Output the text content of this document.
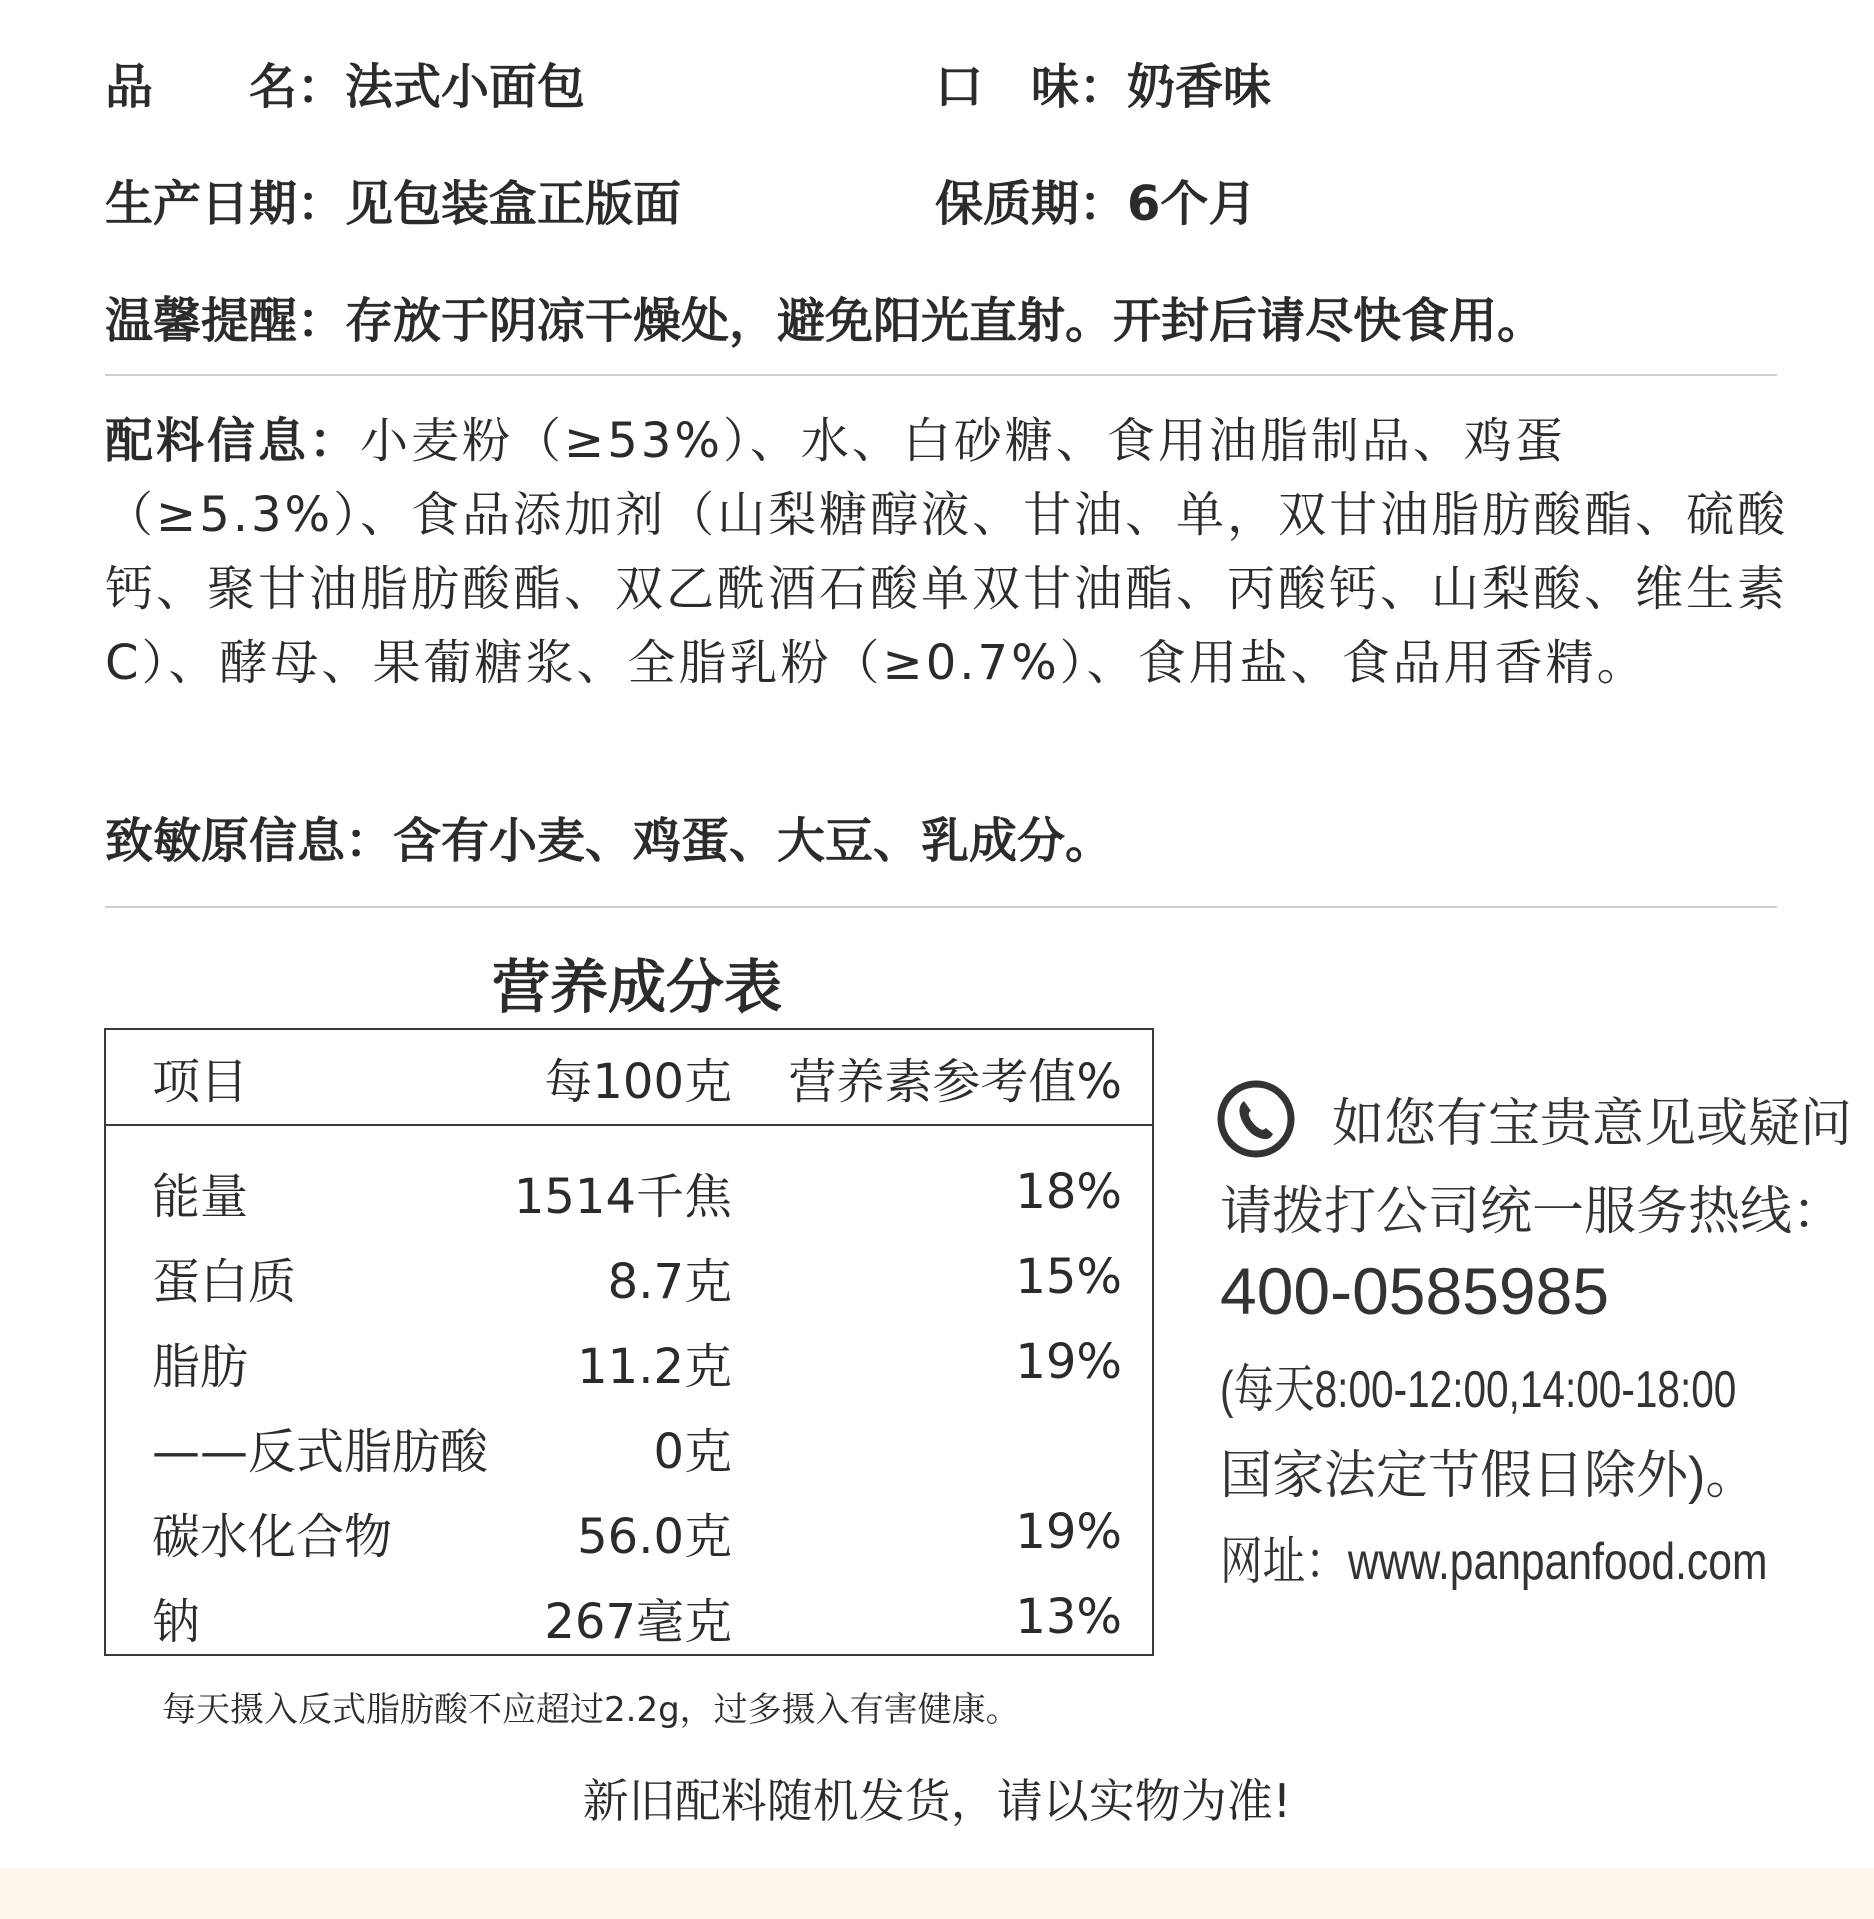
品　　名：法式小面包	口　味：奶香味
生产日期：见包装盒正版面	保质期：6个月
温馨提醒：存放于阴凉干燥处，避免阳光直射。开封后请尽快食用。
配料信息：小麦粉（≥53%）、水、白砂糖、食用油脂制品、鸡蛋（≥5.3%）、食品添加剂（山梨糖醇液、甘油、单，双甘油脂肪酸酯、硫酸钙、聚甘油脂肪酸酯、双乙酰酒石酸单双甘油酯、丙酸钙、山梨酸、维生素C）、酵母、果葡糖浆、全脂乳粉（≥0.7%）、食用盐、食品用香精。
致敏原信息：含有小麦、鸡蛋、大豆、乳成分。
营养成分表
项目	每100克 营养素参考值%
能量	1514千焦	18%
蛋白质	8.7克	15%
脂肪	11.2克	19%
——反式脂肪酸	0克
碳水化合物	56.0克	19%
钠	267毫克	13%
每天摄入反式脂肪酸不应超过2.2g，过多摄入有害健康。
如您有宝贵意见或疑问
请拨打公司统一服务热线：
400-0585985
(每天8:00-12:00,14:00-18:00
国家法定节假日除外)。
网址：www.panpanfood.com
新旧配料随机发货，请以实物为准!
